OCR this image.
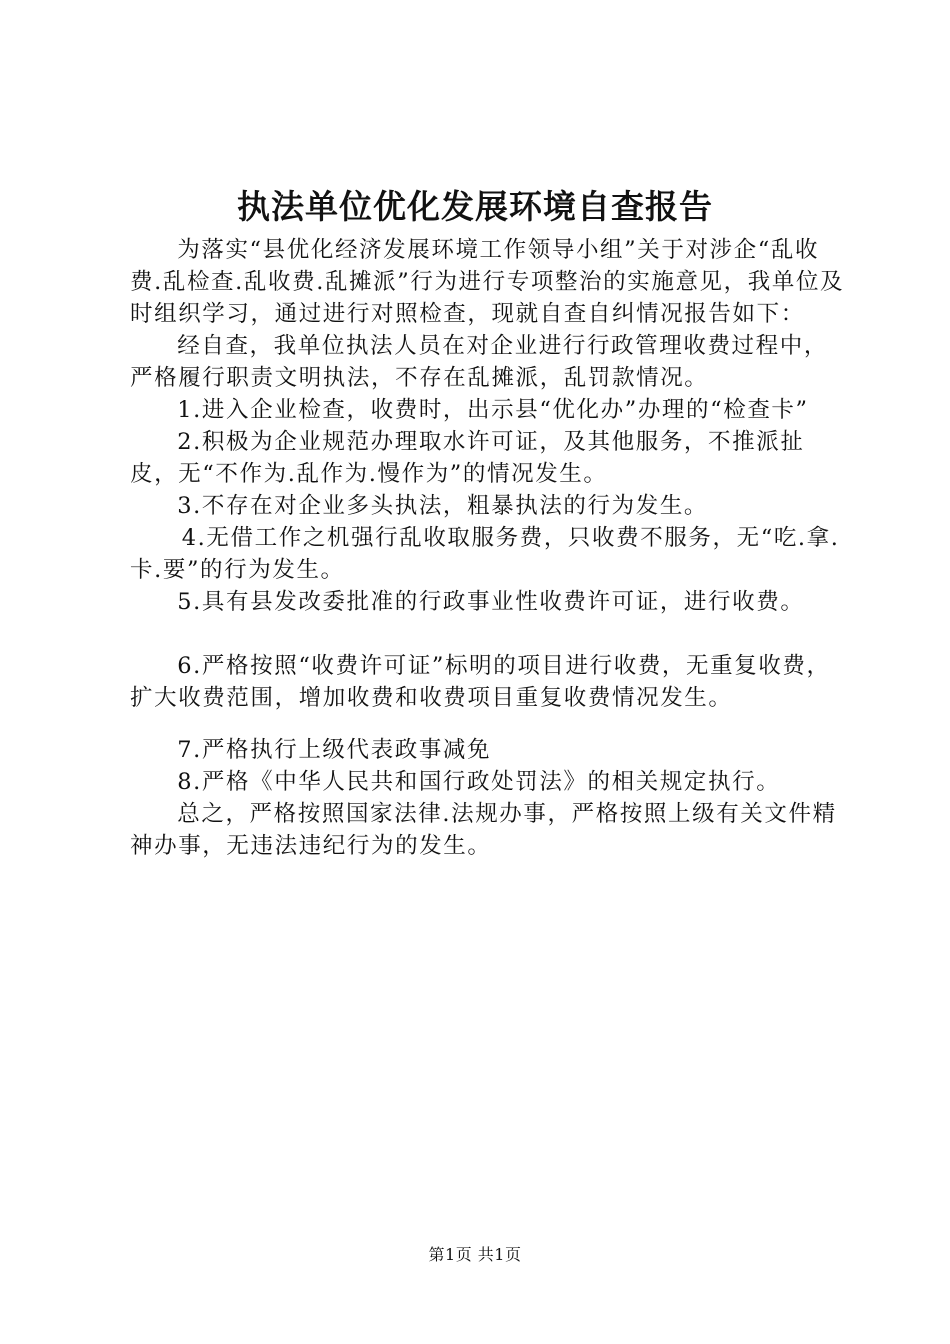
执法单位优化发展环境自查报告

为落实“县优化经济发展环境工作领导小组”关于对涉企“乱收费.乱检查.乱收费.乱摊派”行为进行专项整治的实施意见，我单位及时组织学习，通过进行对照检查，现就自查自纠情况报告如下：

经自查，我单位执法人员在对企业进行行政管理收费过程中，严格履行职责文明执法，不存在乱摊派，乱罚款情况。

1.进入企业检查，收费时，出示县“优化办”办理的“检查卡”

2.积极为企业规范办理取水许可证，及其他服务，不推派扯皮，无“不作为.乱作为.慢作为”的情况发生。

3.不存在对企业多头执法，粗暴执法的行为发生。

4.无借工作之机强行乱收取服务费，只收费不服务，无“吃.拿.卡.要”的行为发生。

5.具有县发改委批准的行政事业性收费许可证，进行收费。

6.严格按照“收费许可证”标明的项目进行收费，无重复收费，扩大收费范围，增加收费和收费项目重复收费情况发生。

7.严格执行上级代表政事减免

8.严格《中华人民共和国行政处罚法》的相关规定执行。

总之，严格按照国家法律.法规办事，严格按照上级有关文件精神办事，无违法违纪行为的发生。

第1页 共1页
